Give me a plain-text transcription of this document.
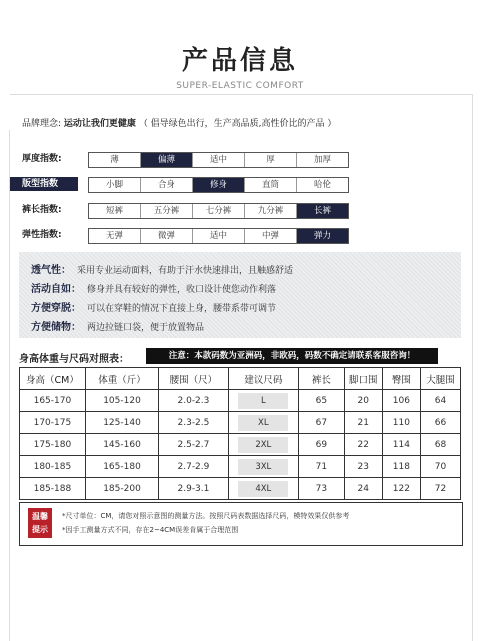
产品信息
SUPER-ELASTIC COMFORT
品牌理念: 运动让我们更健康 （ 倡导绿色出行，生产高品质,高性价比的产品 ）
厚度指数:	薄	偏薄	适中	厚	加厚
版型指数	小脚	合身	修身	直筒	哈伦
裤长指数:	短裤	五分裤	七分裤	九分裤	长裤
弹性指数:	无弹	微弹	适中	中弹	弹力
透气性： 采用专业运动面料，有助于汗水快速排出，且触感舒适
活动自如： 修身并具有较好的弹性，收口设计使您动作利落
方便穿脱： 可以在穿鞋的情况下直接上身，腰带系带可调节
方便储物： 两边拉链口袋，便于放置物品
身高体重与尺码对照表：	注意：本款码数为亚洲码，非欧码，码数不确定请联系客服咨询！
身高（CM）	体重（斤）	腰围（尺）	建议尺码	裤长	脚口围	臀围	大腿围
165-170	105-120	2.0-2.3	L	65	20	106	64
170-175	125-140	2.3-2.5	XL	67	21	110	66
175-180	145-160	2.5-2.7	2XL	69	22	114	68
180-185	165-180	2.7-2.9	3XL	71	23	118	70
185-188	185-200	2.9-3.1	4XL	73	24	122	72
温馨
提示
*尺寸单位：CM，请您对照示意图的测量方法。按照尺码表数据选择尺码，模特效果仅供参考
*因手工测量方式不同，存在2~4CM误差肯属于合理范围
